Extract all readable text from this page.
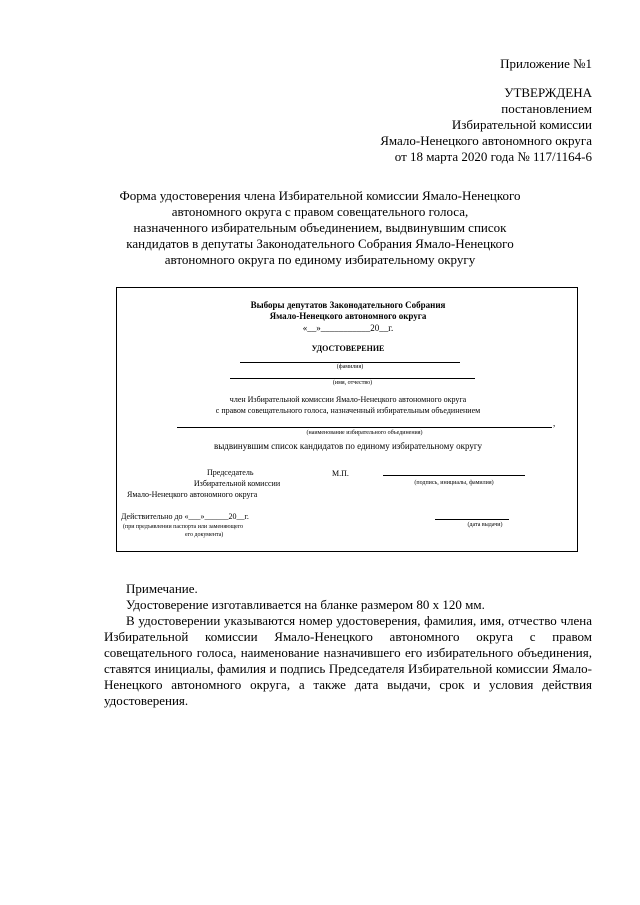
Приложение №1
УТВЕРЖДЕНА
постановлением
Избирательной комиссии
Ямало-Ненецкого автономного округа
от 18 марта 2020 года № 117/1164-6
Форма удостоверения члена Избирательной комиссии Ямало-Ненецкого
автономного округа с правом совещательного голоса,
назначенного избирательным объединением, выдвинувшим список
кандидатов в депутаты Законодательного Собрания Ямало-Ненецкого
автономного округа по единому избирательному округу
Выборы депутатов Законодательного Собрания
Ямало-Ненецкого автономного округа
«__»___________20__г.
УДОСТОВЕРЕНИЕ
(фамилия)
(имя, отчество)
член Избирательной комиссии Ямало-Ненецкого автономного округа
с правом совещательного голоса, назначенный избирательным объединением
,
(наименование избирательного объединения)
выдвинувшим список кандидатов по единому избирательному округу
Председатель
Избирательной комиссии
Ямало-Ненецкого автономного округа
М.П.
(подпись, инициалы, фамилия)
Действительно до «___»______20__г.
(при предъявлении паспорта или заменяющего
его документа)
(дата выдачи)
Примечание.
Удостоверение изготавливается на бланке размером 80 х 120 мм.
В удостоверении указываются номер удостоверения, фамилия, имя, отчество члена Избирательной комиссии Ямало-Ненецкого автономного округа с правом совещательного голоса, наименование назначившего его избирательного объединения, ставятся инициалы, фамилия и подпись Председателя Избирательной комиссии Ямало-Ненецкого автономного округа, а также дата выдачи, срок и условия действия удостоверения.
